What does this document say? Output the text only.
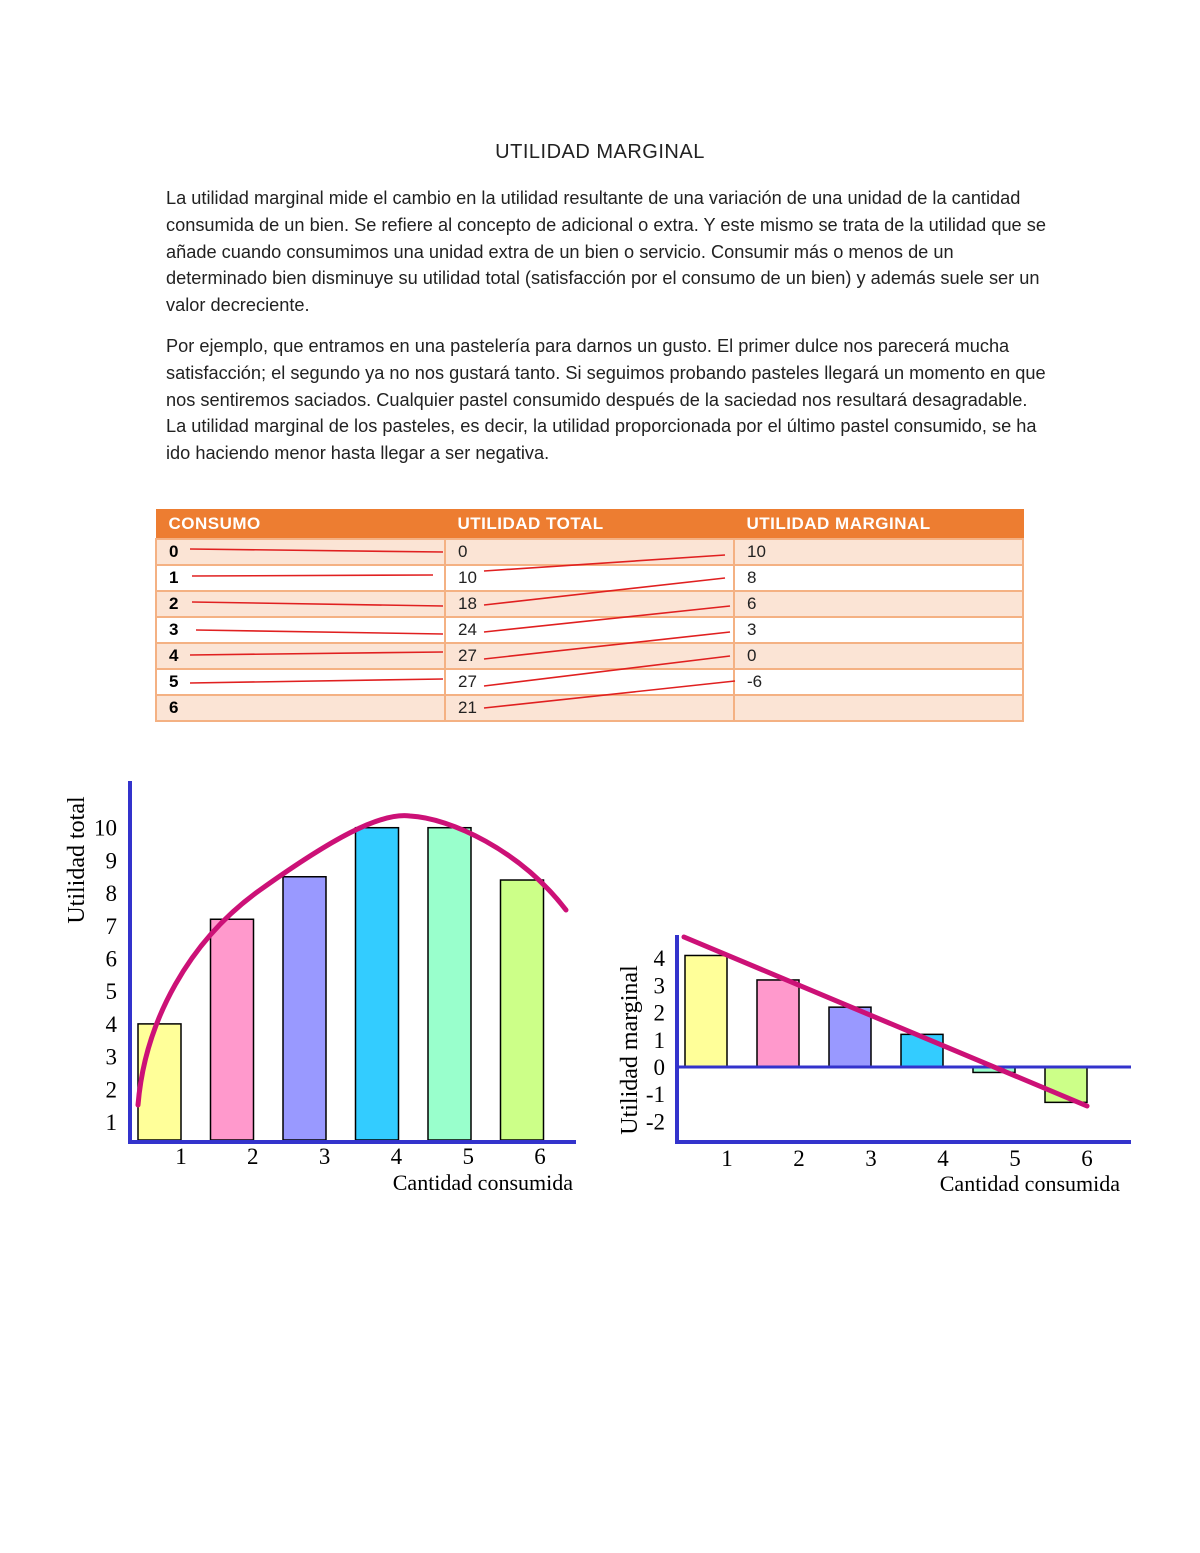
UTILIDAD MARGINAL

La utilidad marginal mide el cambio en la utilidad resultante de una variación de una unidad de la cantidad consumida de un bien. Se refiere al concepto de adicional o extra. Y este mismo se trata de la utilidad que se añade cuando consumimos una unidad extra de un bien o servicio. Consumir más o menos de un determinado bien disminuye su utilidad total (satisfacción por el consumo de un bien) y además suele ser un valor decreciente.

Por ejemplo, que entramos en una pastelería para darnos un gusto. El primer dulce nos parecerá mucha satisfacción; el segundo ya no nos gustará tanto. Si seguimos probando pasteles llegará un momento en que nos sentiremos saciados. Cualquier pastel consumido después de la saciedad nos resultará desagradable. La utilidad marginal de los pasteles, es decir, la utilidad proporcionada por el último pastel consumido, se ha ido haciendo menor hasta llegar a ser negativa.

CONSUMO	UTILIDAD TOTAL	UTILIDAD MARGINAL
0	0	10
1	10	8
2	18	6
3	24	3
4	27	0
5	27	-6
6	21	
1
2
3
4
5
6
7
8
9
10
1	2	3	4	5	6
Utilidad total
Cantidad consumida
4
3
2
1
0
-1
-2
1	2	3	4	5	6
Utilidad marginal
Cantidad consumida
